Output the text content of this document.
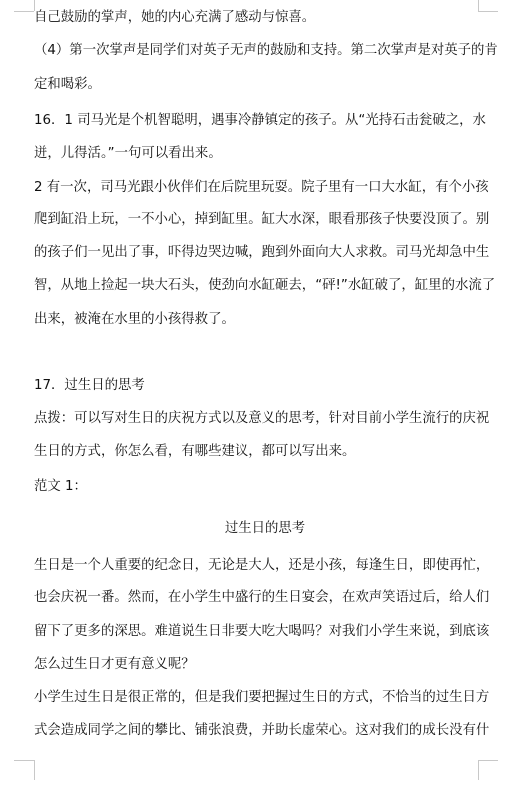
自己鼓励的掌声，她的内心充满了感动与惊喜。
（4）第一次掌声是同学们对英子无声的鼓励和支持。第二次掌声是对英子的肯
定和喝彩。
16．1 司马光是个机智聪明，遇事冷静镇定的孩子。从“光持石击瓮破之，水
迸，儿得活。”一句可以看出来。
2 有一次，司马光跟小伙伴们在后院里玩耍。院子里有一口大水缸，有个小孩
爬到缸沿上玩，一不小心，掉到缸里。缸大水深，眼看那孩子快要没顶了。别
的孩子们一见出了事，吓得边哭边喊，跑到外面向大人求救。司马光却急中生
智，从地上捡起一块大石头，使劲向水缸砸去，“砰!”水缸破了，缸里的水流了
出来，被淹在水里的小孩得救了。
17．过生日的思考
点拨：可以写对生日的庆祝方式以及意义的思考，针对目前小学生流行的庆祝
生日的方式，你怎么看，有哪些建议，都可以写出来。
范文 1：
过生日的思考
生日是一个人重要的纪念日，无论是大人，还是小孩，每逢生日，即使再忙，
也会庆祝一番。然而，在小学生中盛行的生日宴会，在欢声笑语过后，给人们
留下了更多的深思。难道说生日非要大吃大喝吗？对我们小学生来说，到底该
怎么过生日才更有意义呢？
小学生过生日是很正常的，但是我们要把握过生日的方式，不恰当的过生日方
式会造成同学之间的攀比、铺张浪费，并助长虚荣心。这对我们的成长没有什
